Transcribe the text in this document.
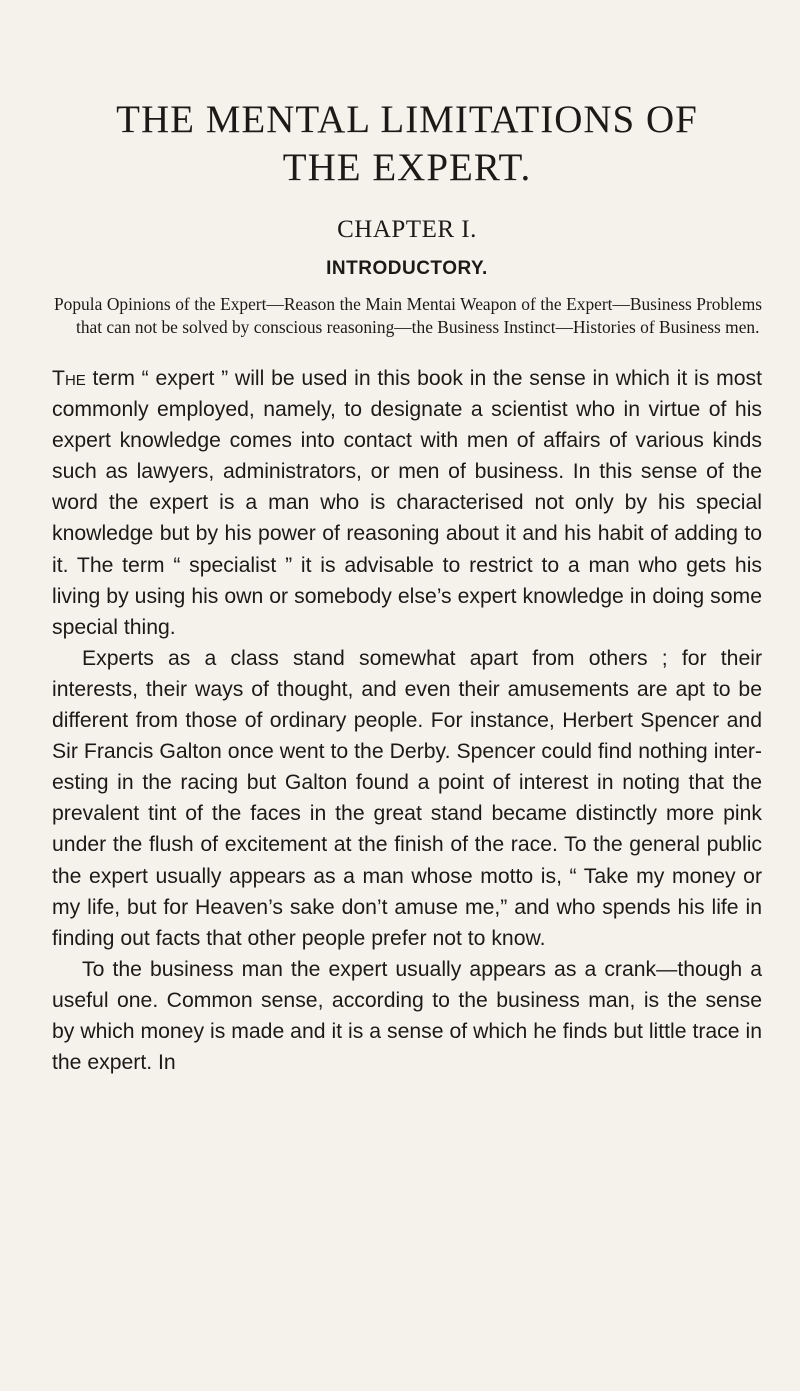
THE MENTAL LIMITATIONS OF
THE EXPERT.
CHAPTER I.
INTRODUCTORY.

Popula Opinions of the Expert—Reason the Main Mentai Weapon of the Expert—Business Problems that can not be solved by conscious reasoning—the Business Instinct—Histories of Business men.

The term “ expert ” will be used in this book in the sense in which it is most commonly employed, namely, to designate a scientist who in virtue of his expert knowledge comes into contact with men of affairs of various kinds such as lawyers, administrators, or men of business. In this sense of the word the expert is a man who is characterised not only by his special knowledge but by his power of reasoning about it and his habit of adding to it. The term “ specialist ” it is advisable to restrict to a man who gets his living by using his own or somebody else’s expert knowledge in doing some special thing.

Experts as a class stand somewhat apart from others ; for their interests, their ways of thought, and even their amusements are apt to be different from those of ordinary people. For instance, Herbert Spencer and Sir Francis Galton once went to the Derby. Spencer could find nothing inter- esting in the racing but Galton found a point of interest in noting that the prevalent tint of the faces in the great stand became distinctly more pink under the flush of excitement at the finish of the race. To the general public the expert usually appears as a man whose motto is, “ Take my money or my life, but for Heaven’s sake don’t amuse me,” and who spends his life in finding out facts that other people prefer not to know.

To the business man the expert usually appears as a crank—though a useful one. Common sense, according to the business man, is the sense by which money is made and it is a sense of which he finds but little trace in the expert. In
